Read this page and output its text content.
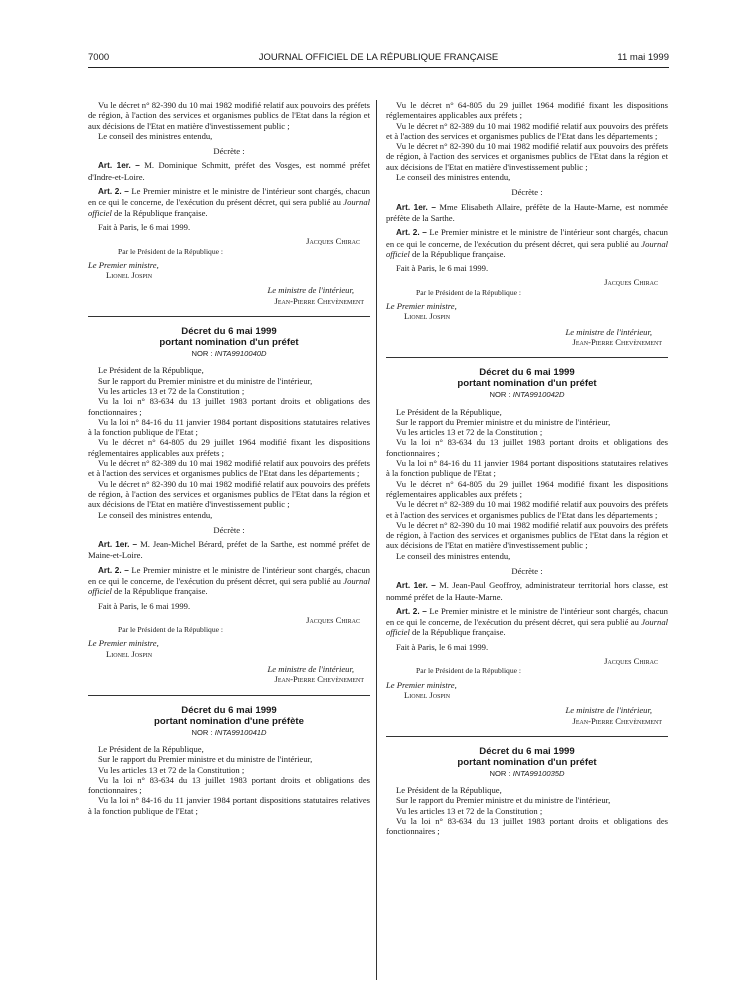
7000	JOURNAL OFFICIEL DE LA RÉPUBLIQUE FRANÇAISE	11 mai 1999

Vu le décret n° 82-390 du 10 mai 1982 modifié relatif aux pouvoirs des préfets de région, à l'action des services et organismes publics de l'Etat dans la région et aux décisions de l'Etat en matière d'investissement public ;

Le conseil des ministres entendu,

Décrète :

Art. 1er. – M. Dominique Schmitt, préfet des Vosges, est nommé préfet d'Indre-et-Loire.

Art. 2. – Le Premier ministre et le ministre de l'intérieur sont chargés, chacun en ce qui le concerne, de l'exécution du présent décret, qui sera publié au Journal officiel de la République française.

Fait à Paris, le 6 mai 1999.

Jacques Chirac
Par le Président de la République :
Le Premier ministre,
Lionel Jospin
Le ministre de l'intérieur,
Jean-Pierre Chevènement
Décret du 6 mai 1999
portant nomination d'un préfet
NOR : INTA9910040D

Le Président de la République,

Sur le rapport du Premier ministre et du ministre de l'intérieur,

Vu les articles 13 et 72 de la Constitution ;

Vu la loi n° 83-634 du 13 juillet 1983 portant droits et obligations des fonctionnaires ;

Vu la loi n° 84-16 du 11 janvier 1984 portant dispositions statutaires relatives à la fonction publique de l'Etat ;

Vu le décret n° 64-805 du 29 juillet 1964 modifié fixant les dispositions réglementaires applicables aux préfets ;

Vu le décret n° 82-389 du 10 mai 1982 modifié relatif aux pouvoirs des préfets et à l'action des services et organismes publics de l'Etat dans les départements ;

Vu le décret n° 82-390 du 10 mai 1982 modifié relatif aux pouvoirs des préfets de région, à l'action des services et organismes publics de l'Etat dans la région et aux décisions de l'Etat en matière d'investissement public ;

Le conseil des ministres entendu,

Décrète :

Art. 1er. – M. Jean-Michel Bérard, préfet de la Sarthe, est nommé préfet de Maine-et-Loire.

Art. 2. – Le Premier ministre et le ministre de l'intérieur sont chargés, chacun en ce qui le concerne, de l'exécution du présent décret, qui sera publié au Journal officiel de la République française.

Fait à Paris, le 6 mai 1999.

Jacques Chirac
Par le Président de la République :
Le Premier ministre,
Lionel Jospin
Le ministre de l'intérieur,
Jean-Pierre Chevènement
Décret du 6 mai 1999
portant nomination d'une préfète
NOR : INTA9910041D

Le Président de la République,

Sur le rapport du Premier ministre et du ministre de l'intérieur,

Vu les articles 13 et 72 de la Constitution ;

Vu la loi n° 83-634 du 13 juillet 1983 portant droits et obligations des fonctionnaires ;

Vu la loi n° 84-16 du 11 janvier 1984 portant dispositions statutaires relatives à la fonction publique de l'Etat ;

Vu le décret n° 64-805 du 29 juillet 1964 modifié fixant les dispositions réglementaires applicables aux préfets ;

Vu le décret n° 82-389 du 10 mai 1982 modifié relatif aux pouvoirs des préfets et à l'action des services et organismes publics de l'Etat dans les départements ;

Vu le décret n° 82-390 du 10 mai 1982 modifié relatif aux pouvoirs des préfets de région, à l'action des services et organismes publics de l'Etat dans la région et aux décisions de l'Etat en matière d'investissement public ;

Le conseil des ministres entendu,

Décrète :

Art. 1er. – Mme Elisabeth Allaire, préfète de la Haute-Marne, est nommée préfète de la Sarthe.

Art. 2. – Le Premier ministre et le ministre de l'intérieur sont chargés, chacun en ce qui le concerne, de l'exécution du présent décret, qui sera publié au Journal officiel de la République française.

Fait à Paris, le 6 mai 1999.

Jacques Chirac
Par le Président de la République :
Le Premier ministre,
Lionel Jospin
Le ministre de l'intérieur,
Jean-Pierre Chevènement
Décret du 6 mai 1999
portant nomination d'un préfet
NOR : INTA9910042D

Le Président de la République,

Sur le rapport du Premier ministre et du ministre de l'intérieur,

Vu les articles 13 et 72 de la Constitution ;

Vu la loi n° 83-634 du 13 juillet 1983 portant droits et obligations des fonctionnaires ;

Vu la loi n° 84-16 du 11 janvier 1984 portant dispositions statutaires relatives à la fonction publique de l'Etat ;

Vu le décret n° 64-805 du 29 juillet 1964 modifié fixant les dispositions réglementaires applicables aux préfets ;

Vu le décret n° 82-389 du 10 mai 1982 modifié relatif aux pouvoirs des préfets et à l'action des services et organismes publics de l'Etat dans les départements ;

Vu le décret n° 82-390 du 10 mai 1982 modifié relatif aux pouvoirs des préfets de région, à l'action des services et organismes publics de l'Etat dans la région et aux décisions de l'Etat en matière d'investissement public ;

Le conseil des ministres entendu,

Décrète :

Art. 1er. – M. Jean-Paul Geoffroy, administrateur territorial hors classe, est nommé préfet de la Haute-Marne.

Art. 2. – Le Premier ministre et le ministre de l'intérieur sont chargés, chacun en ce qui le concerne, de l'exécution du présent décret, qui sera publié au Journal officiel de la République française.

Fait à Paris, le 6 mai 1999.

Jacques Chirac
Par le Président de la République :
Le Premier ministre,
Lionel Jospin
Le ministre de l'intérieur,
Jean-Pierre Chevènement
Décret du 6 mai 1999
portant nomination d'un préfet
NOR : INTA9910035D

Le Président de la République,

Sur le rapport du Premier ministre et du ministre de l'intérieur,

Vu les articles 13 et 72 de la Constitution ;

Vu la loi n° 83-634 du 13 juillet 1983 portant droits et obligations des fonctionnaires ;
